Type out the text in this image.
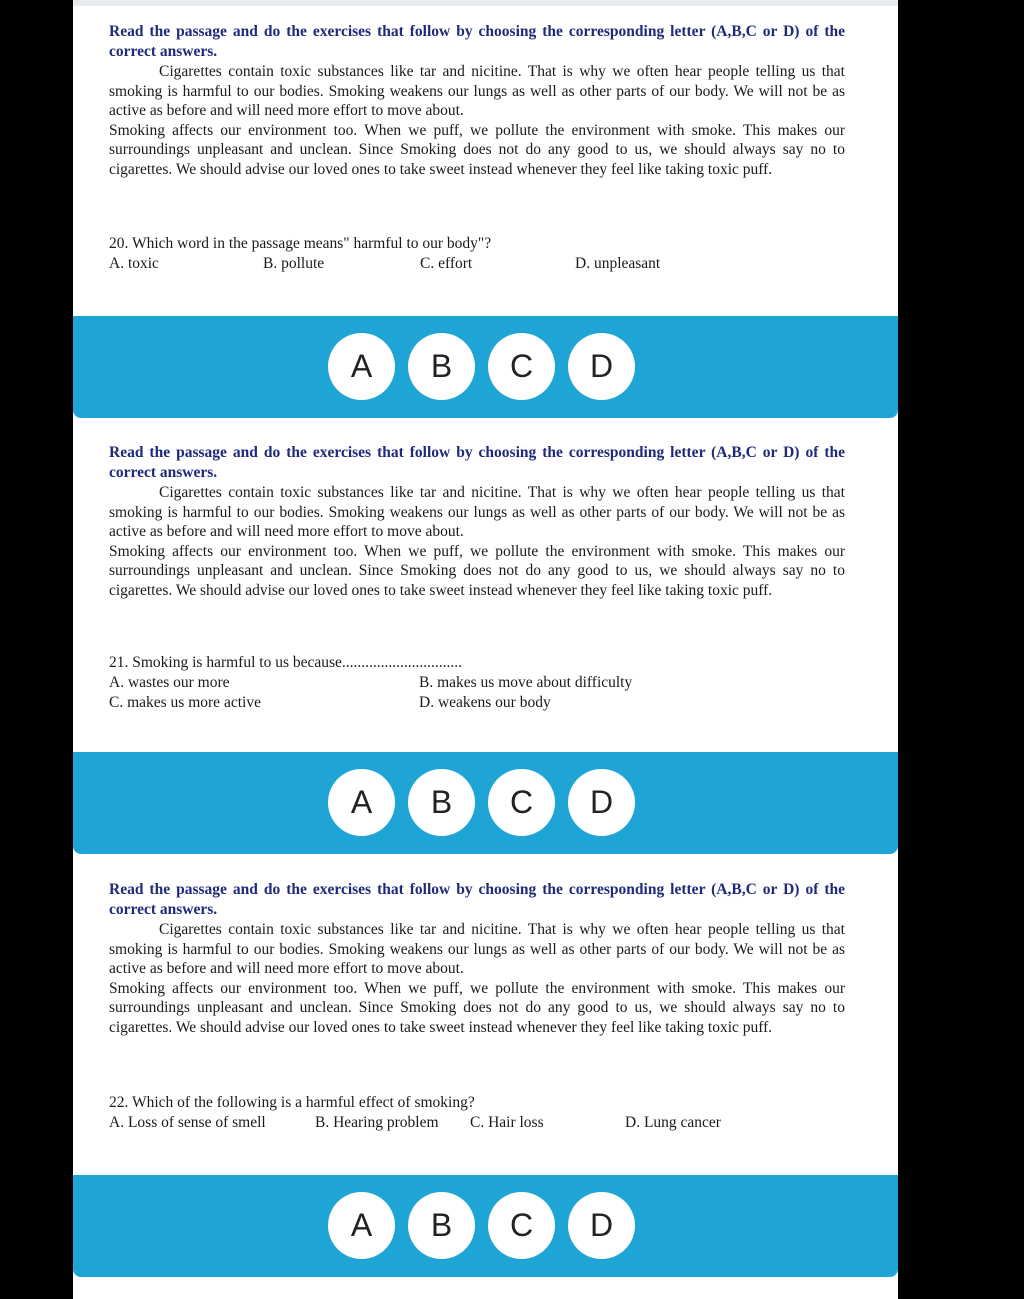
Read the passage and do the exercises that follow by choosing the corresponding letter (A,B,C or D) of the correct answers.

Cigarettes contain toxic substances like tar and nicitine. That is why we often hear people telling us that smoking is harmful to our bodies. Smoking weakens our lungs as well as other parts of our body. We will not be as active as before and will need more effort to move about.

Smoking affects our environment too. When we puff, we pollute the environment with smoke. This makes our surroundings unpleasant and unclean. Since Smoking does not do any good to us, we should always say no to cigarettes. We should advise our loved ones to take sweet instead whenever they feel like taking toxic puff.

20. Which word in the passage means" harmful to our body"?
A. toxic	B. pollute	C. effort	D. unpleasant
A	B	C	D
Read the passage and do the exercises that follow by choosing the corresponding letter (A,B,C or D) of the correct answers.

Cigarettes contain toxic substances like tar and nicitine. That is why we often hear people telling us that smoking is harmful to our bodies. Smoking weakens our lungs as well as other parts of our body. We will not be as active as before and will need more effort to move about.

Smoking affects our environment too. When we puff, we pollute the environment with smoke. This makes our surroundings unpleasant and unclean. Since Smoking does not do any good to us, we should always say no to cigarettes. We should advise our loved ones to take sweet instead whenever they feel like taking toxic puff.

21. Smoking is harmful to us because...............................
A. wastes our more	B. makes us move about difficulty
C. makes us more active	D. weakens our body
A	B	C	D
Read the passage and do the exercises that follow by choosing the corresponding letter (A,B,C or D) of the correct answers.

Cigarettes contain toxic substances like tar and nicitine. That is why we often hear people telling us that smoking is harmful to our bodies. Smoking weakens our lungs as well as other parts of our body. We will not be as active as before and will need more effort to move about.

Smoking affects our environment too. When we puff, we pollute the environment with smoke. This makes our surroundings unpleasant and unclean. Since Smoking does not do any good to us, we should always say no to cigarettes. We should advise our loved ones to take sweet instead whenever they feel like taking toxic puff.

22. Which of the following is a harmful effect of smoking?
A. Loss of sense of smell	B. Hearing problem C. Hair loss	D. Lung cancer
A	B	C	D
